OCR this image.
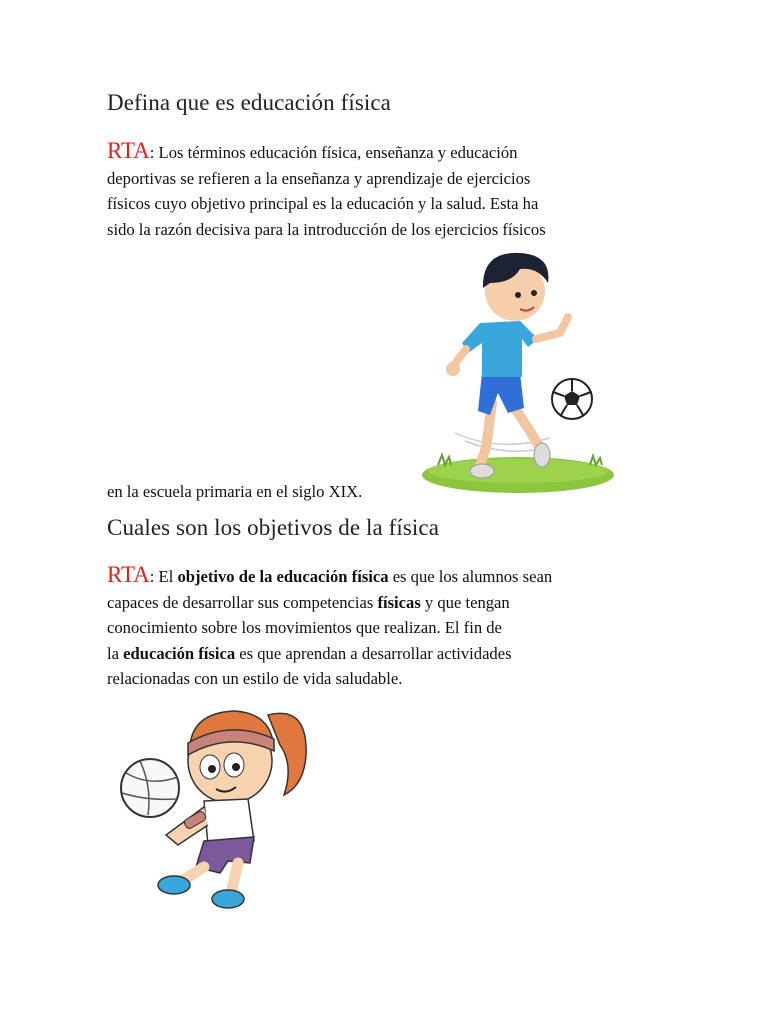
Defina que es educación física

RTA: Los términos educación física, enseñanza y educación
deportivas se refieren a la enseñanza y aprendizaje de ejercicios
físicos cuyo objetivo principal es la educación y la salud. Esta ha
sido la razón decisiva para la introducción de los ejercicios físicos

en la escuela primaria en el siglo XIX.

Cuales son los objetivos de la física

RTA: El objetivo de la educación física es que los alumnos sean
capaces de desarrollar sus competencias físicas y que tengan
conocimiento sobre los movimientos que realizan. El fin de
la educación física es que aprendan a desarrollar actividades
relacionadas con un estilo de vida saludable.
